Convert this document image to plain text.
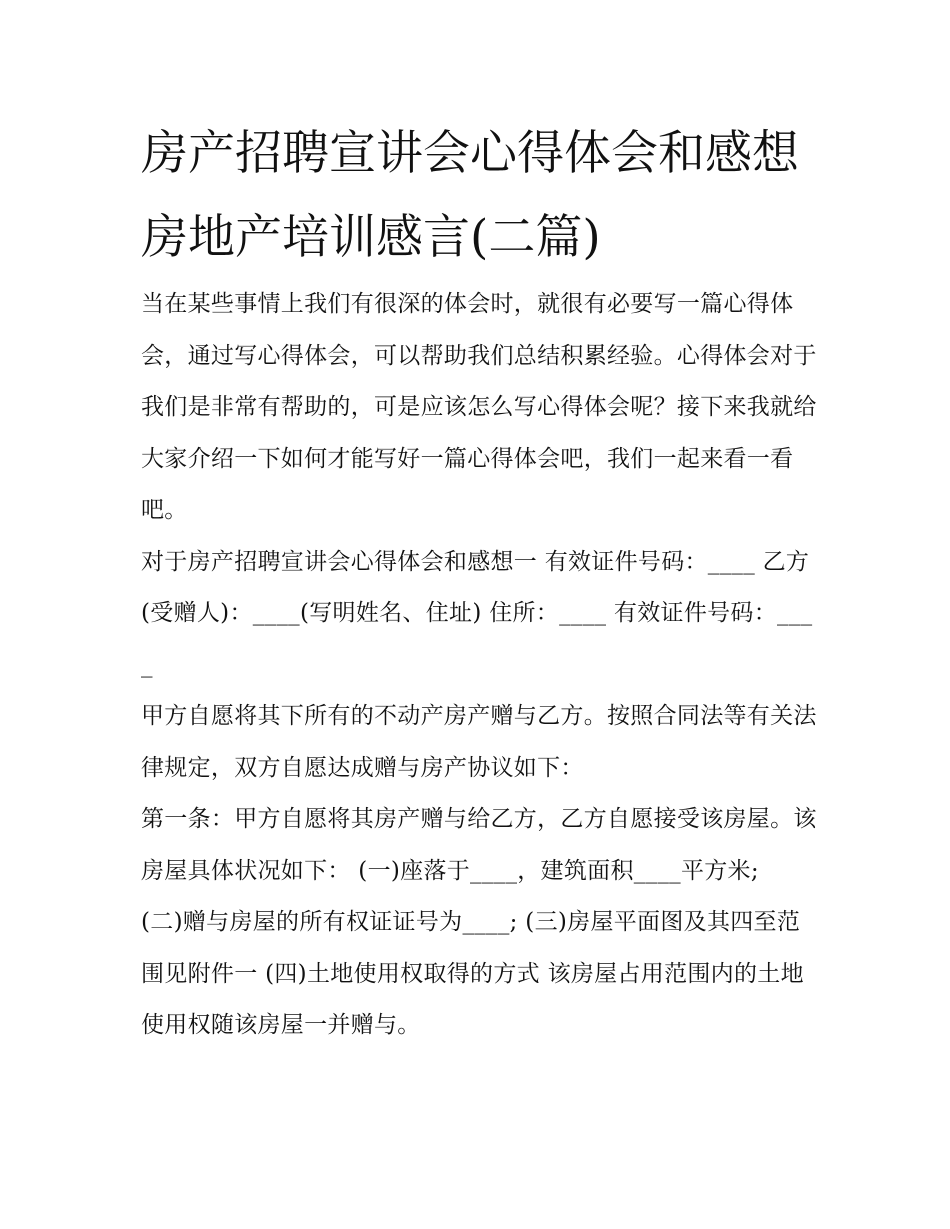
房产招聘宣讲会心得体会和感想 房地产培训感言(二篇)

当在某些事情上我们有很深的体会时，就很有必要写一篇心得体会，通过写心得体会，可以帮助我们总结积累经验。心得体会对于我们是非常有帮助的，可是应该怎么写心得体会呢？接下来我就给大家介绍一下如何才能写好一篇心得体会吧，我们一起来看一看吧。

对于房产招聘宣讲会心得体会和感想一 有效证件号码：____ 乙方(受赠人)：____(写明姓名、住址) 住所：____ 有效证件号码：____

甲方自愿将其下所有的不动产房产赠与乙方。按照合同法等有关法律规定，双方自愿达成赠与房产协议如下：

第一条：甲方自愿将其房产赠与给乙方，乙方自愿接受该房屋。该房屋具体状况如下： (一)座落于____，建筑面积____平方米;

(二)赠与房屋的所有权证证号为____; (三)房屋平面图及其四至范围见附件一 (四)土地使用权取得的方式 该房屋占用范围内的土地使用权随该房屋一并赠与。
